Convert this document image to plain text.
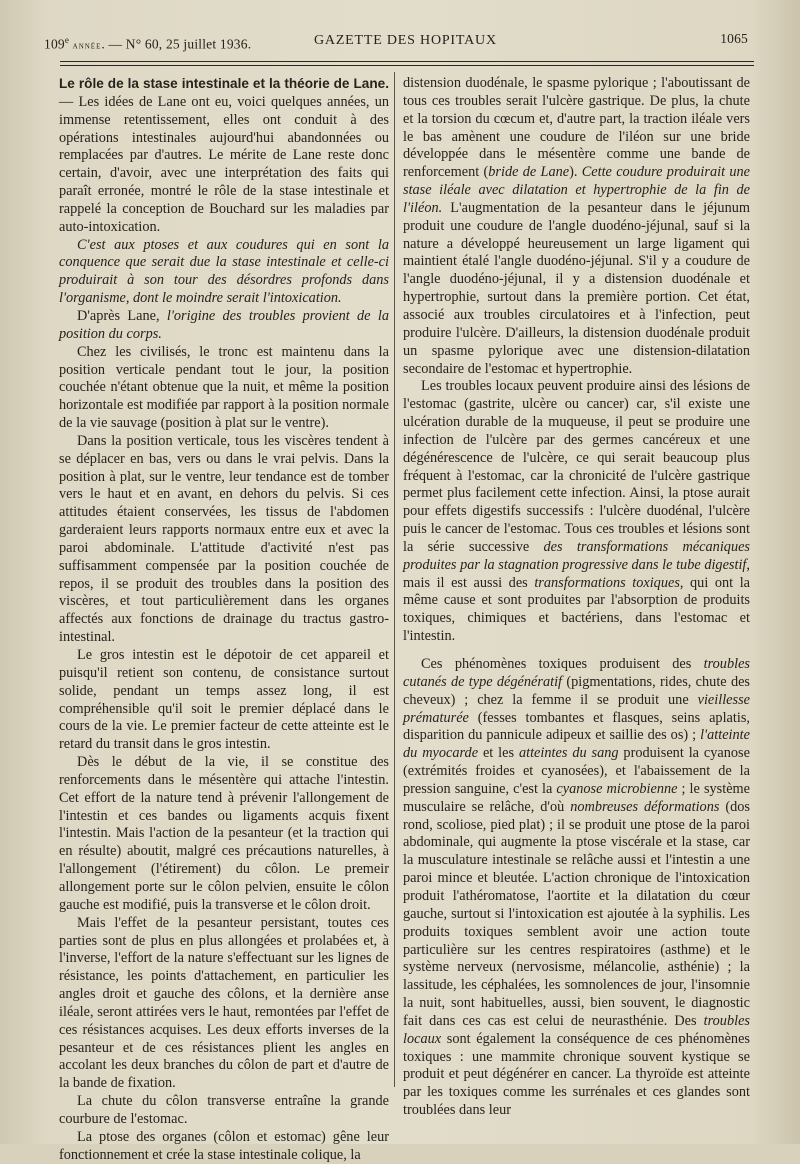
109e année. — N° 60, 25 juillet 1936.	GAZETTE DES HOPITAUX	1065

Le rôle de la stase intestinale et la théorie de Lane. — Les idées de Lane ont eu, voici quelques années, un immense retentissement, elles ont conduit à des opérations intestinales aujourd'hui abandonnées ou remplacées par d'autres. Le mérite de Lane reste donc certain, d'avoir, avec une interprétation des faits qui paraît erronée, montré le rôle de la stase intestinale et rappelé la conception de Bouchard sur les maladies par auto-intoxication.

C'est aux ptoses et aux coudures qui en sont la conquence que serait due la stase intestinale et celle-ci produirait à son tour des désordres profonds dans l'organisme, dont le moindre serait l'intoxication.

D'après Lane, l'origine des troubles provient de la position du corps.

Chez les civilisés, le tronc est maintenu dans la position verticale pendant tout le jour, la position couchée n'étant obtenue que la nuit, et même la position horizontale est modifiée par rapport à la position normale de la vie sauvage (position à plat sur le ventre).

Dans la position verticale, tous les viscères tendent à se déplacer en bas, vers ou dans le vrai pelvis. Dans la position à plat, sur le ventre, leur tendance est de tomber vers le haut et en avant, en dehors du pelvis. Si ces attitudes étaient conservées, les tissus de l'abdomen garderaient leurs rapports normaux entre eux et avec la paroi abdominale. L'attitude d'activité n'est pas suffisamment compensée par la position couchée de repos, il se produit des troubles dans la position des viscères, et tout particulièrement dans les organes affectés aux fonctions de drainage du tractus gastro-intestinal.

Le gros intestin est le dépotoir de cet appareil et puisqu'il retient son contenu, de consistance surtout solide, pendant un temps assez long, il est compréhensible qu'il soit le premier déplacé dans le cours de la vie. Le premier facteur de cette atteinte est le retard du transit dans le gros intestin.

Dès le début de la vie, il se constitue des renforcements dans le mésentère qui attache l'intestin. Cet effort de la nature tend à prévenir l'allongement de l'intestin et ces bandes ou ligaments acquis fixent l'intestin. Mais l'action de la pesanteur (et la traction qui en résulte) aboutit, malgré ces précautions naturelles, à l'allongement (l'étirement) du côlon. Le premeir allongement porte sur le côlon pelvien, ensuite le côlon gauche est modifié, puis la transverse et le côlon droit.

Mais l'effet de la pesanteur persistant, toutes ces parties sont de plus en plus allongées et prolabées et, à l'inverse, l'effort de la nature s'effectuant sur les lignes de résistance, les points d'attachement, en particulier les angles droit et gauche des côlons, et la dernière anse iléale, seront attirées vers le haut, remontées par l'effet de ces résistances acquises. Les deux efforts inverses de la pesanteur et de ces résistances plient les angles en accolant les deux branches du côlon de part et d'autre de la bande de fixation.

La chute du côlon transverse entraîne la grande courbure de l'estomac.

La ptose des organes (côlon et estomac) gêne leur fonctionnement et crée la stase intestinale colique, la

distension duodénale, le spasme pylorique ; l'aboutissant de tous ces troubles serait l'ulcère gastrique. De plus, la chute et la torsion du cœcum et, d'autre part, la traction iléale vers le bas amènent une coudure de l'iléon sur une bride développée dans le mésentère comme une bande de renforcement (bride de Lane). Cette coudure produirait une stase iléale avec dilatation et hypertrophie de la fin de l'iléon. L'augmentation de la pesanteur dans le jéjunum produit une coudure de l'angle duodéno-jéjunal, sauf si la nature a développé heureusement un large ligament qui maintient étalé l'angle duodéno-jéjunal. S'il y a coudure de l'angle duodéno-jéjunal, il y a distension duodénale et hypertrophie, surtout dans la première portion. Cet état, associé aux troubles circulatoires et à l'infection, peut produire l'ulcère. D'ailleurs, la distension duodénale produit un spasme pylorique avec une distension-dilatation secondaire de l'estomac et hypertrophie.

Les troubles locaux peuvent produire ainsi des lésions de l'estomac (gastrite, ulcère ou cancer) car, s'il existe une ulcération durable de la muqueuse, il peut se produire une infection de l'ulcère par des germes cancéreux et une dégénérescence de l'ulcère, ce qui serait beaucoup plus fréquent à l'estomac, car la chronicité de l'ulcère gastrique permet plus facilement cette infection. Ainsi, la ptose aurait pour effets digestifs successifs : l'ulcère duodénal, l'ulcère puis le cancer de l'estomac. Tous ces troubles et lésions sont la série successive des transformations mécaniques produites par la stagnation progressive dans le tube digestif, mais il est aussi des transformations toxiques, qui ont la même cause et sont produites par l'absorption de produits toxiques, chimiques et bactériens, dans l'estomac et l'intestin.

Ces phénomènes toxiques produisent des troubles cutanés de type dégénératif (pigmentations, rides, chute des cheveux) ; chez la femme il se produit une vieillesse prématurée (fesses tombantes et flasques, seins aplatis, disparition du pannicule adipeux et saillie des os) ; l'atteinte du myocarde et les atteintes du sang produisent la cyanose (extrémités froides et cyanosées), et l'abaissement de la pression sanguine, c'est la cyanose microbienne ; le système musculaire se relâche, d'où nombreuses déformations (dos rond, scoliose, pied plat) ; il se produit une ptose de la paroi abdominale, qui augmente la ptose viscérale et la stase, car la musculature intestinale se relâche aussi et l'intestin a une paroi mince et bleutée. L'action chronique de l'intoxication produit l'athéromatose, l'aortite et la dilatation du cœur gauche, surtout si l'intoxication est ajoutée à la syphilis. Les produits toxiques semblent avoir une action toute particulière sur les centres respiratoires (asthme) et le système nerveux (nervosisme, mélancolie, asthénie) ; la lassitude, les céphalées, les somnolences de jour, l'insomnie la nuit, sont habituelles, aussi, bien souvent, le diagnostic fait dans ces cas est celui de neurasthénie. Des troubles locaux sont également la conséquence de ces phénomènes toxiques : une mammite chronique souvent kystique se produit et peut dégénérer en cancer. La thyroïde est atteinte par les toxiques comme les surrénales et ces glandes sont troublées dans leur
